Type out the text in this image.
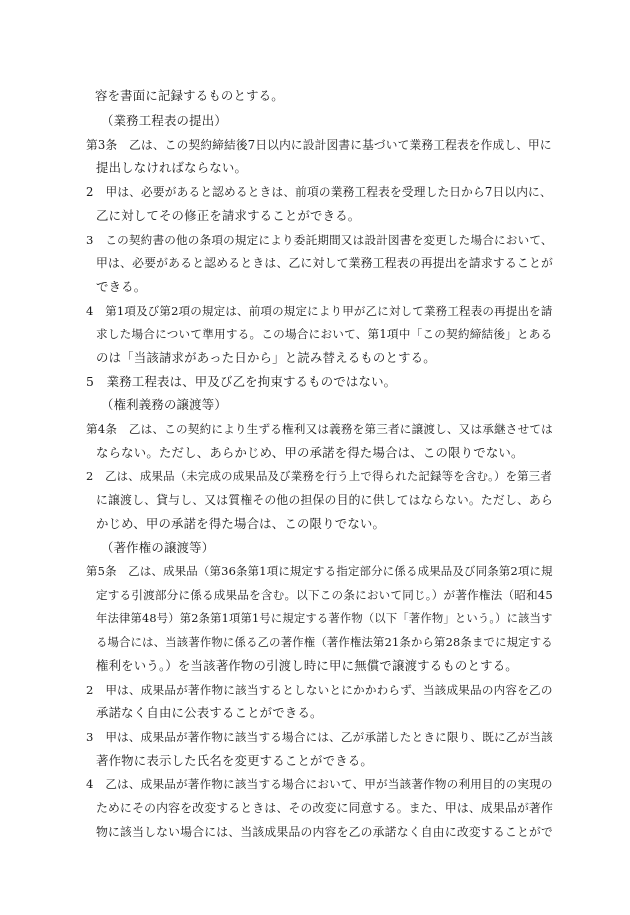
容を書面に記録するものとする。
（業務工程表の提出）
第3条　乙は、この契約締結後7日以内に設計図書に基づいて業務工程表を作成し、甲に
提出しなければならない。
2　甲は、必要があると認めるときは、前項の業務工程表を受理した日から7日以内に、
乙に対してその修正を請求することができる。
3　この契約書の他の条項の規定により委託期間又は設計図書を変更した場合において、
甲は、必要があると認めるときは、乙に対して業務工程表の再提出を請求することが
できる。
4　第1項及び第2項の規定は、前項の規定により甲が乙に対して業務工程表の再提出を請
求した場合について準用する。この場合において、第1項中「この契約締結後」とある
のは「当該請求があった日から」と読み替えるものとする。
5　業務工程表は、甲及び乙を拘束するものではない。
（権利義務の譲渡等）
第4条　乙は、この契約により生ずる権利又は義務を第三者に譲渡し、又は承継させては
ならない。ただし、あらかじめ、甲の承諾を得た場合は、この限りでない。
2　乙は、成果品（未完成の成果品及び業務を行う上で得られた記録等を含む。）を第三者
に譲渡し、貸与し、又は質権その他の担保の目的に供してはならない。ただし、あら
かじめ、甲の承諾を得た場合は、この限りでない。
（著作権の譲渡等）
第5条　乙は、成果品（第36条第1項に規定する指定部分に係る成果品及び同条第2項に規
定する引渡部分に係る成果品を含む。以下この条において同じ。）が著作権法（昭和45
年法律第48号）第2条第1項第1号に規定する著作物（以下「著作物」という。）に該当す
る場合には、当該著作物に係る乙の著作権（著作権法第21条から第28条までに規定する
権利をいう。）を当該著作物の引渡し時に甲に無償で譲渡するものとする。
2　甲は、成果品が著作物に該当するとしないとにかかわらず、当該成果品の内容を乙の
承諾なく自由に公表することができる。
3　甲は、成果品が著作物に該当する場合には、乙が承諾したときに限り、既に乙が当該
著作物に表示した氏名を変更することができる。
4　乙は、成果品が著作物に該当する場合において、甲が当該著作物の利用目的の実現の
ためにその内容を改変するときは、その改変に同意する。また、甲は、成果品が著作
物に該当しない場合には、当該成果品の内容を乙の承諾なく自由に改変することがで
